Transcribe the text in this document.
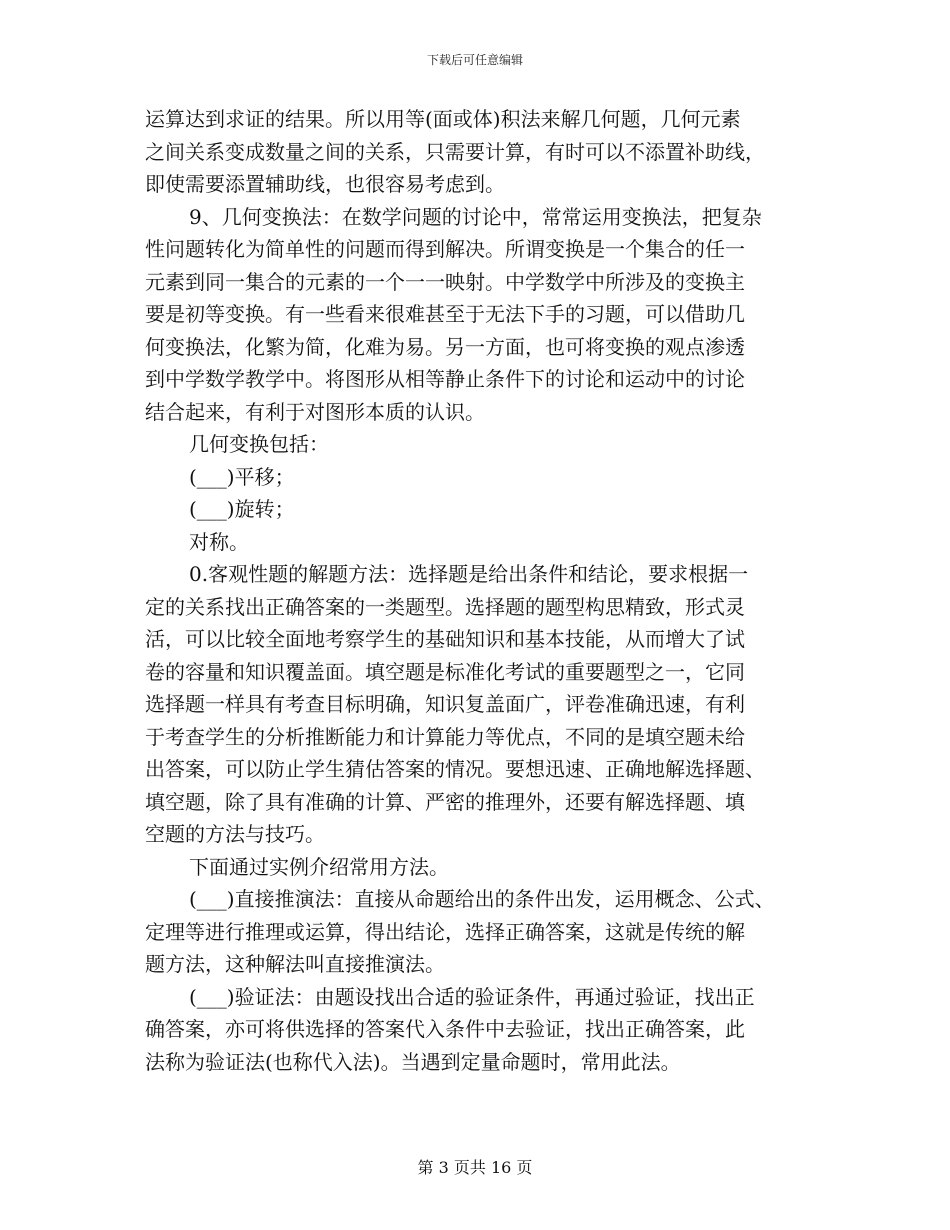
下载后可任意编辑
运算达到求证的结果。所以用等(面或体)积法来解几何题，几何元素
之间关系变成数量之间的关系，只需要计算，有时可以不添置补助线，
即使需要添置辅助线，也很容易考虑到。
9、几何变换法：在数学问题的讨论中，常常运用变换法，把复杂
性问题转化为简单性的问题而得到解决。所谓变换是一个集合的任一
元素到同一集合的元素的一个一一映射。中学数学中所涉及的变换主
要是初等变换。有一些看来很难甚至于无法下手的习题，可以借助几
何变换法，化繁为简，化难为易。另一方面，也可将变换的观点渗透
到中学数学教学中。将图形从相等静止条件下的讨论和运动中的讨论
结合起来，有利于对图形本质的认识。
几何变换包括：
(___)平移；
(___)旋转；
对称。
0.客观性题的解题方法：选择题是给出条件和结论，要求根据一
定的关系找出正确答案的一类题型。选择题的题型构思精致，形式灵
活，可以比较全面地考察学生的基础知识和基本技能，从而增大了试
卷的容量和知识覆盖面。填空题是标准化考试的重要题型之一，它同
选择题一样具有考查目标明确，知识复盖面广，评卷准确迅速，有利
于考查学生的分析推断能力和计算能力等优点，不同的是填空题未给
出答案，可以防止学生猜估答案的情况。要想迅速、正确地解选择题、
填空题，除了具有准确的计算、严密的推理外，还要有解选择题、填
空题的方法与技巧。
下面通过实例介绍常用方法。
(___)直接推演法：直接从命题给出的条件出发，运用概念、公式、
定理等进行推理或运算，得出结论，选择正确答案，这就是传统的解
题方法，这种解法叫直接推演法。
(___)验证法：由题设找出合适的验证条件，再通过验证，找出正
确答案，亦可将供选择的答案代入条件中去验证，找出正确答案，此
法称为验证法(也称代入法)。当遇到定量命题时，常用此法。
第 3 页共 16 页
